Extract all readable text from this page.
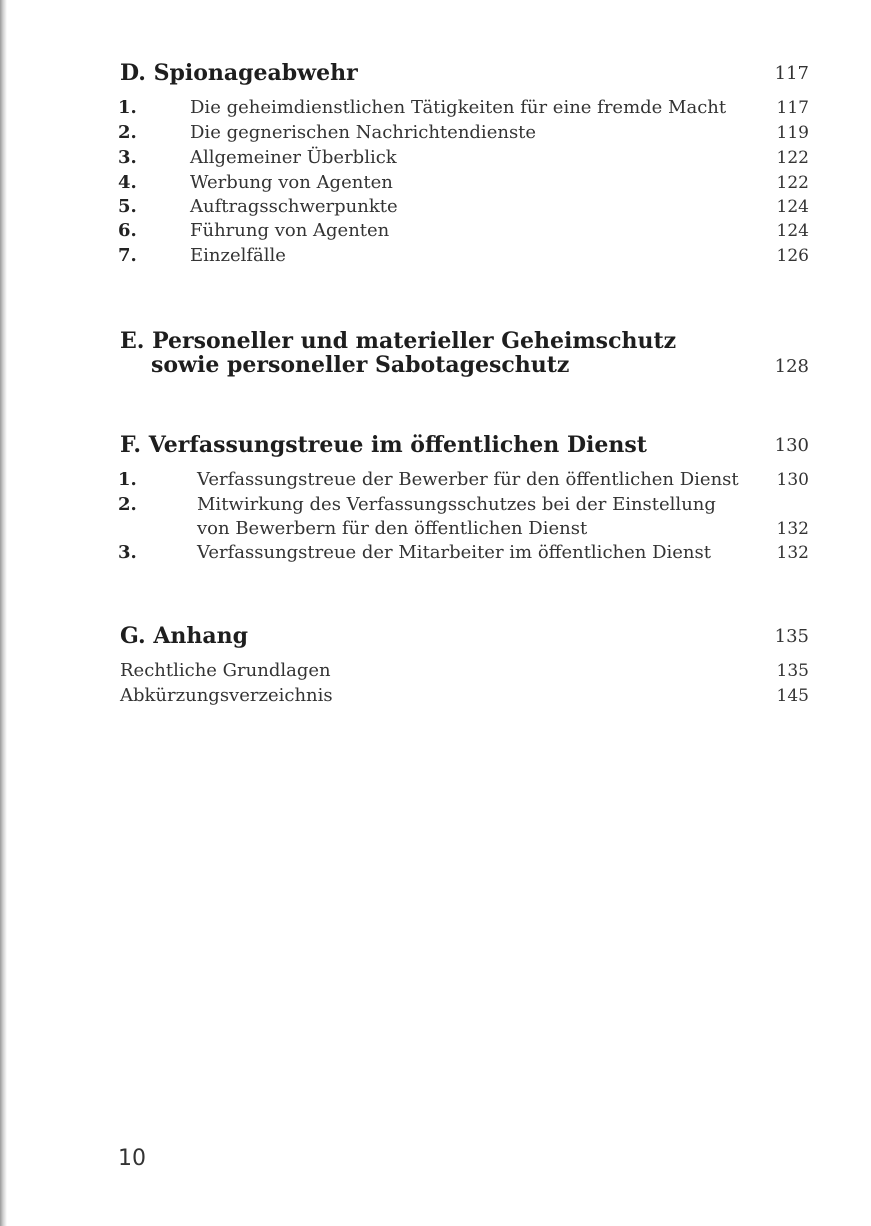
D. Spionageabwehr	117
1.	Die geheimdienstlichen Tätigkeiten für eine fremde Macht	117
2.	Die gegnerischen Nachrichtendienste	119
3.	Allgemeiner Überblick	122
4.	Werbung von Agenten	122
5.	Auftragsschwerpunkte	124
6.	Führung von Agenten	124
7.	Einzelfälle	126
E. Personeller und materieller Geheimschutz
sowie personeller Sabotageschutz	128
F. Verfassungstreue im öffentlichen Dienst	130
1.	Verfassungstreue der Bewerber für den öffentlichen Dienst	130
2.	Mitwirkung des Verfassungsschutzes bei der Einstellung
von Bewerbern für den öffentlichen Dienst	132
3.	Verfassungstreue der Mitarbeiter im öffentlichen Dienst	132
G. Anhang	135
Rechtliche Grundlagen	135
Abkürzungsverzeichnis	145
10
